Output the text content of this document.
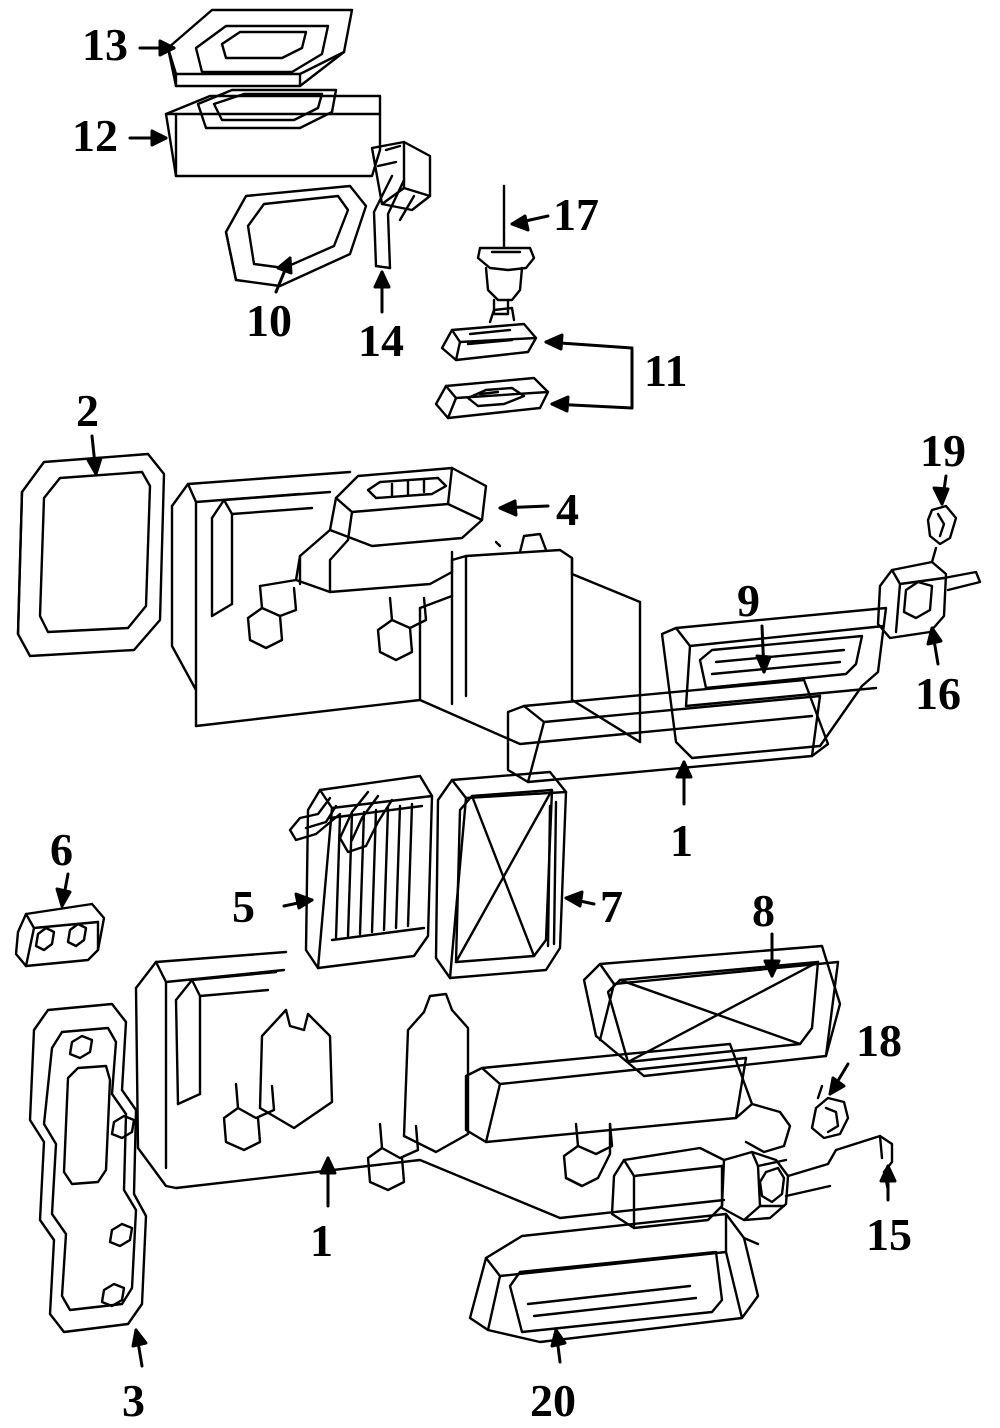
13
12
17
10 14
11
2
19
4
9
16
1
6
5	7	8
18
1	15
3	20
